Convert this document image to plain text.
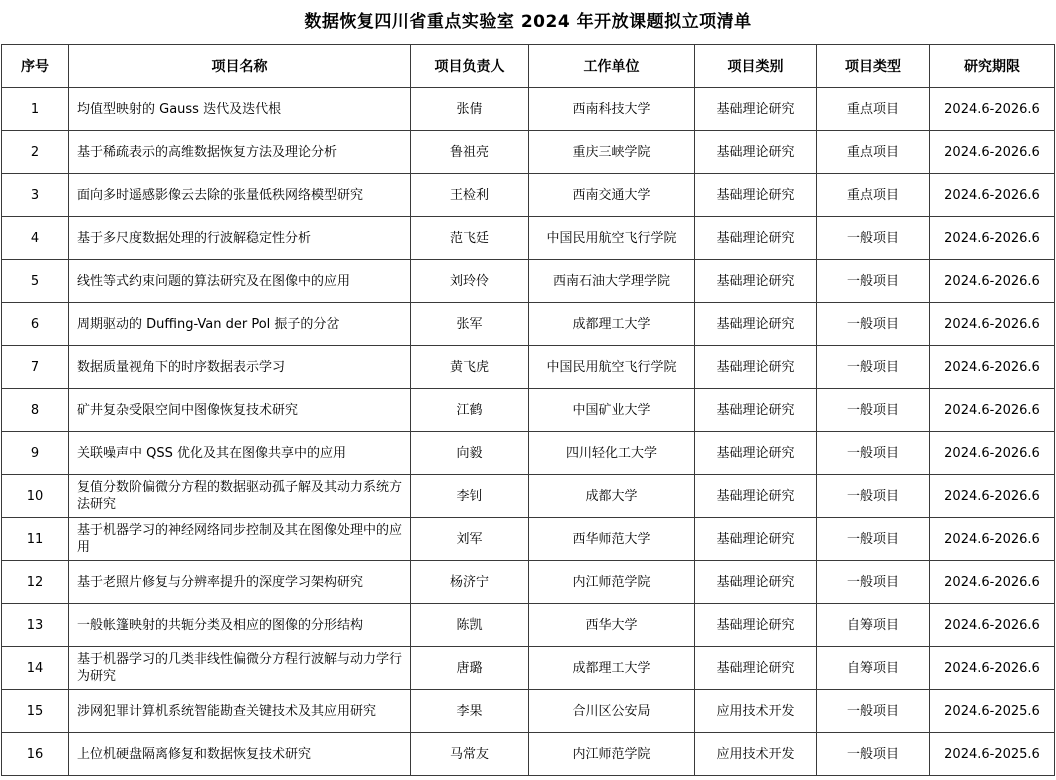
数据恢复四川省重点实验室 2024 年开放课题拟立项清单
序号	项目名称	项目负责人	工作单位	项目类别	项目类型	研究期限
1	均值型映射的 Gauss 迭代及迭代根	张倩	西南科技大学	基础理论研究	重点项目	2024.6-2026.6
2	基于稀疏表示的高维数据恢复方法及理论分析	鲁祖亮	重庆三峡学院	基础理论研究	重点项目	2024.6-2026.6
3	面向多时遥感影像云去除的张量低秩网络模型研究	王检利	西南交通大学	基础理论研究	重点项目	2024.6-2026.6
4	基于多尺度数据处理的行波解稳定性分析	范飞廷	中国民用航空飞行学院	基础理论研究	一般项目	2024.6-2026.6
5	线性等式约束问题的算法研究及在图像中的应用	刘玲伶	西南石油大学理学院	基础理论研究	一般项目	2024.6-2026.6
6	周期驱动的 Duffing-Van der Pol 振子的分岔	张军	成都理工大学	基础理论研究	一般项目	2024.6-2026.6
7	数据质量视角下的时序数据表示学习	黄飞虎	中国民用航空飞行学院	基础理论研究	一般项目	2024.6-2026.6
8	矿井复杂受限空间中图像恢复技术研究	江鹤	中国矿业大学	基础理论研究	一般项目	2024.6-2026.6
9	关联噪声中 QSS 优化及其在图像共享中的应用	向毅	四川轻化工大学	基础理论研究	一般项目	2024.6-2026.6
10	复值分数阶偏微分方程的数据驱动孤子解及其动力系统方法研究	李钊	成都大学	基础理论研究	一般项目	2024.6-2026.6
11	基于机器学习的神经网络同步控制及其在图像处理中的应用	刘军	西华师范大学	基础理论研究	一般项目	2024.6-2026.6
12	基于老照片修复与分辨率提升的深度学习架构研究	杨济宁	内江师范学院	基础理论研究	一般项目	2024.6-2026.6
13	一般帐篷映射的共轭分类及相应的图像的分形结构	陈凯	西华大学	基础理论研究	自筹项目	2024.6-2026.6
14	基于机器学习的几类非线性偏微分方程行波解与动力学行为研究	唐璐	成都理工大学	基础理论研究	自筹项目	2024.6-2026.6
15	涉网犯罪计算机系统智能勘查关键技术及其应用研究	李果	合川区公安局	应用技术开发	一般项目	2024.6-2025.6
16	上位机硬盘隔离修复和数据恢复技术研究	马常友	内江师范学院	应用技术开发	一般项目	2024.6-2025.6
